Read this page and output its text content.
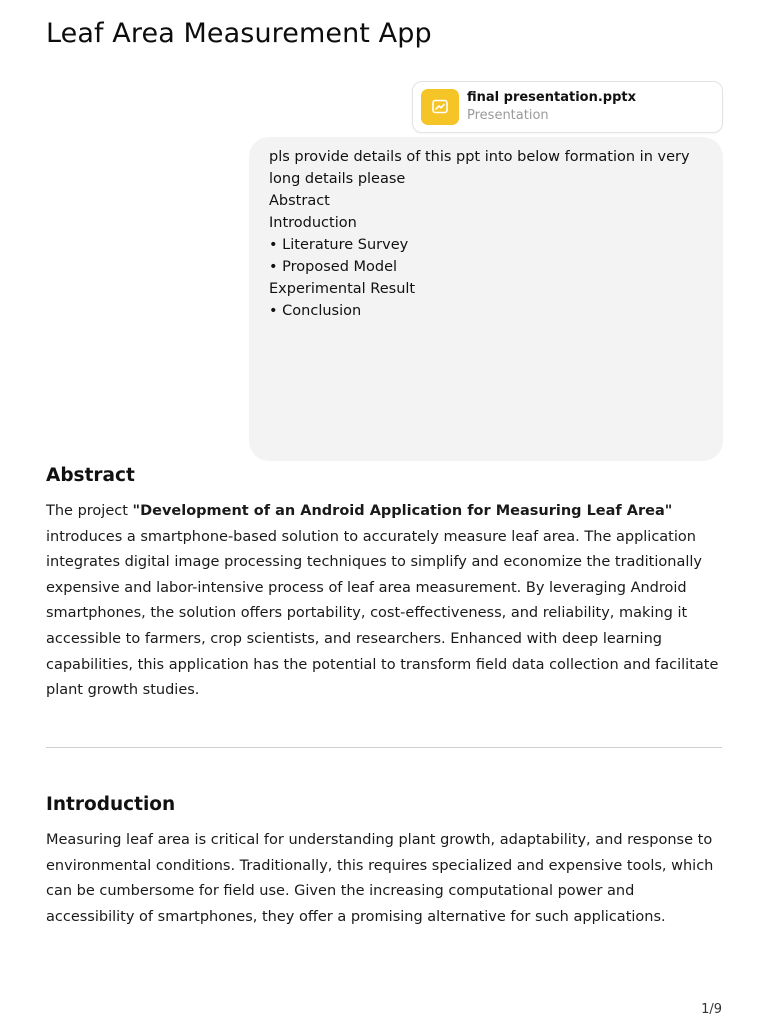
Leaf Area Measurement App
final presentation.pptx
Presentation

pls provide details of this ppt into below formation in very long details please

Abstract

Introduction

• Literature Survey

• Proposed Model

Experimental Result

• Conclusion

Abstract

The project "Development of an Android Application for Measuring Leaf Area" introduces a smartphone-based solution to accurately measure leaf area. The application integrates digital image processing techniques to simplify and economize the traditionally expensive and labor-intensive process of leaf area measurement. By leveraging Android smartphones, the solution offers portability, cost-effectiveness, and reliability, making it accessible to farmers, crop scientists, and researchers. Enhanced with deep learning capabilities, this application has the potential to transform field data collection and facilitate plant growth studies.

Introduction

Measuring leaf area is critical for understanding plant growth, adaptability, and response to environmental conditions. Traditionally, this requires specialized and expensive tools, which can be cumbersome for field use. Given the increasing computational power and accessibility of smartphones, they offer a promising alternative for such applications.

1/9
